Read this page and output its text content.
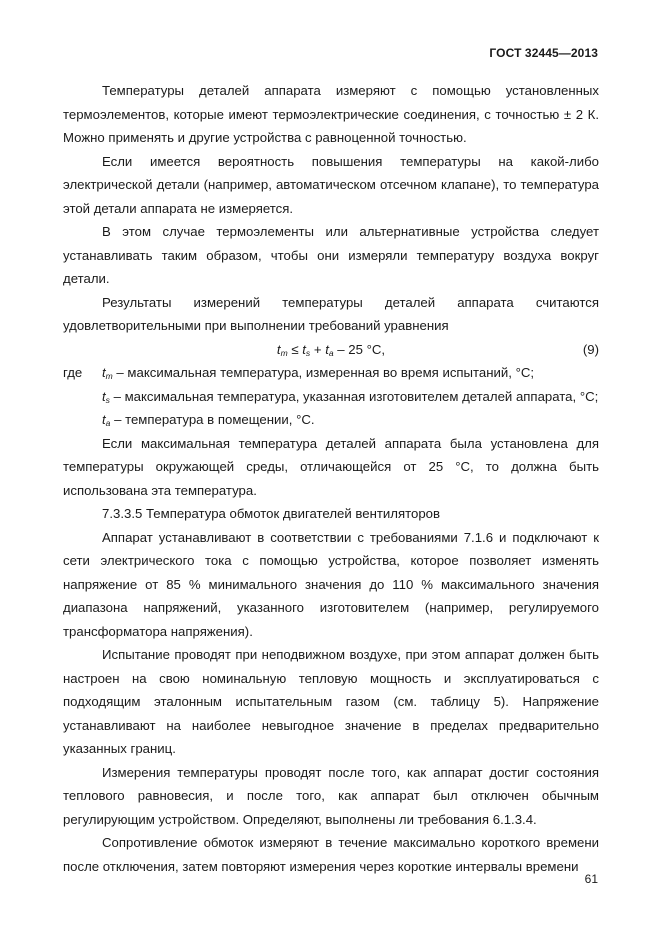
ГОСТ 32445—2013

Температуры деталей аппарата измеряют с помощью установленных термоэлементов, которые имеют термоэлектрические соединения, с точностью ± 2 К. Можно применять и другие устройства с равноценной точностью.

Если имеется вероятность повышения температуры на какой-либо электрической детали (например, автоматическом отсечном клапане), то температура этой детали аппарата не измеряется.

В этом случае термоэлементы или альтернативные устройства следует устанавливать таким образом, чтобы они измеряли температуру воздуха вокруг детали.

Результаты измерений температуры деталей аппарата считаются удовлетворительными при выполнении требований уравнения

$t_m \le t_s + t_a - 25$ °C,	(9)
где $t_m$ – максимальная температура, измеренная во время испытаний, °C;

$t_s$ – максимальная температура, указанная изготовителем деталей аппарата, °C;

$t_a$ – температура в помещении, °C.

Если максимальная температура деталей аппарата была установлена для температуры окружающей среды, отличающейся от 25 °C, то должна быть использована эта температура.

7.3.3.5 Температура обмоток двигателей вентиляторов

Аппарат устанавливают в соответствии с требованиями 7.1.6 и подключают к сети электрического тока с помощью устройства, которое позволяет изменять напряжение от 85 % минимального значения до 110 % максимального значения диапазона напряжений, указанного изготовителем (например, регулируемого трансформатора напряжения).

Испытание проводят при неподвижном воздухе, при этом аппарат должен быть настроен на свою номинальную тепловую мощность и эксплуатироваться с подходящим эталонным испытательным газом (см. таблицу 5). Напряжение устанавливают на наиболее невыгодное значение в пределах предварительно указанных границ.

Измерения температуры проводят после того, как аппарат достиг состояния теплового равновесия, и после того, как аппарат был отключен обычным регулирующим устройством. Определяют, выполнены ли требования 6.1.3.4.

Сопротивление обмоток измеряют в течение максимально короткого времени после отключения, затем повторяют измерения через короткие интервалы времени

61
